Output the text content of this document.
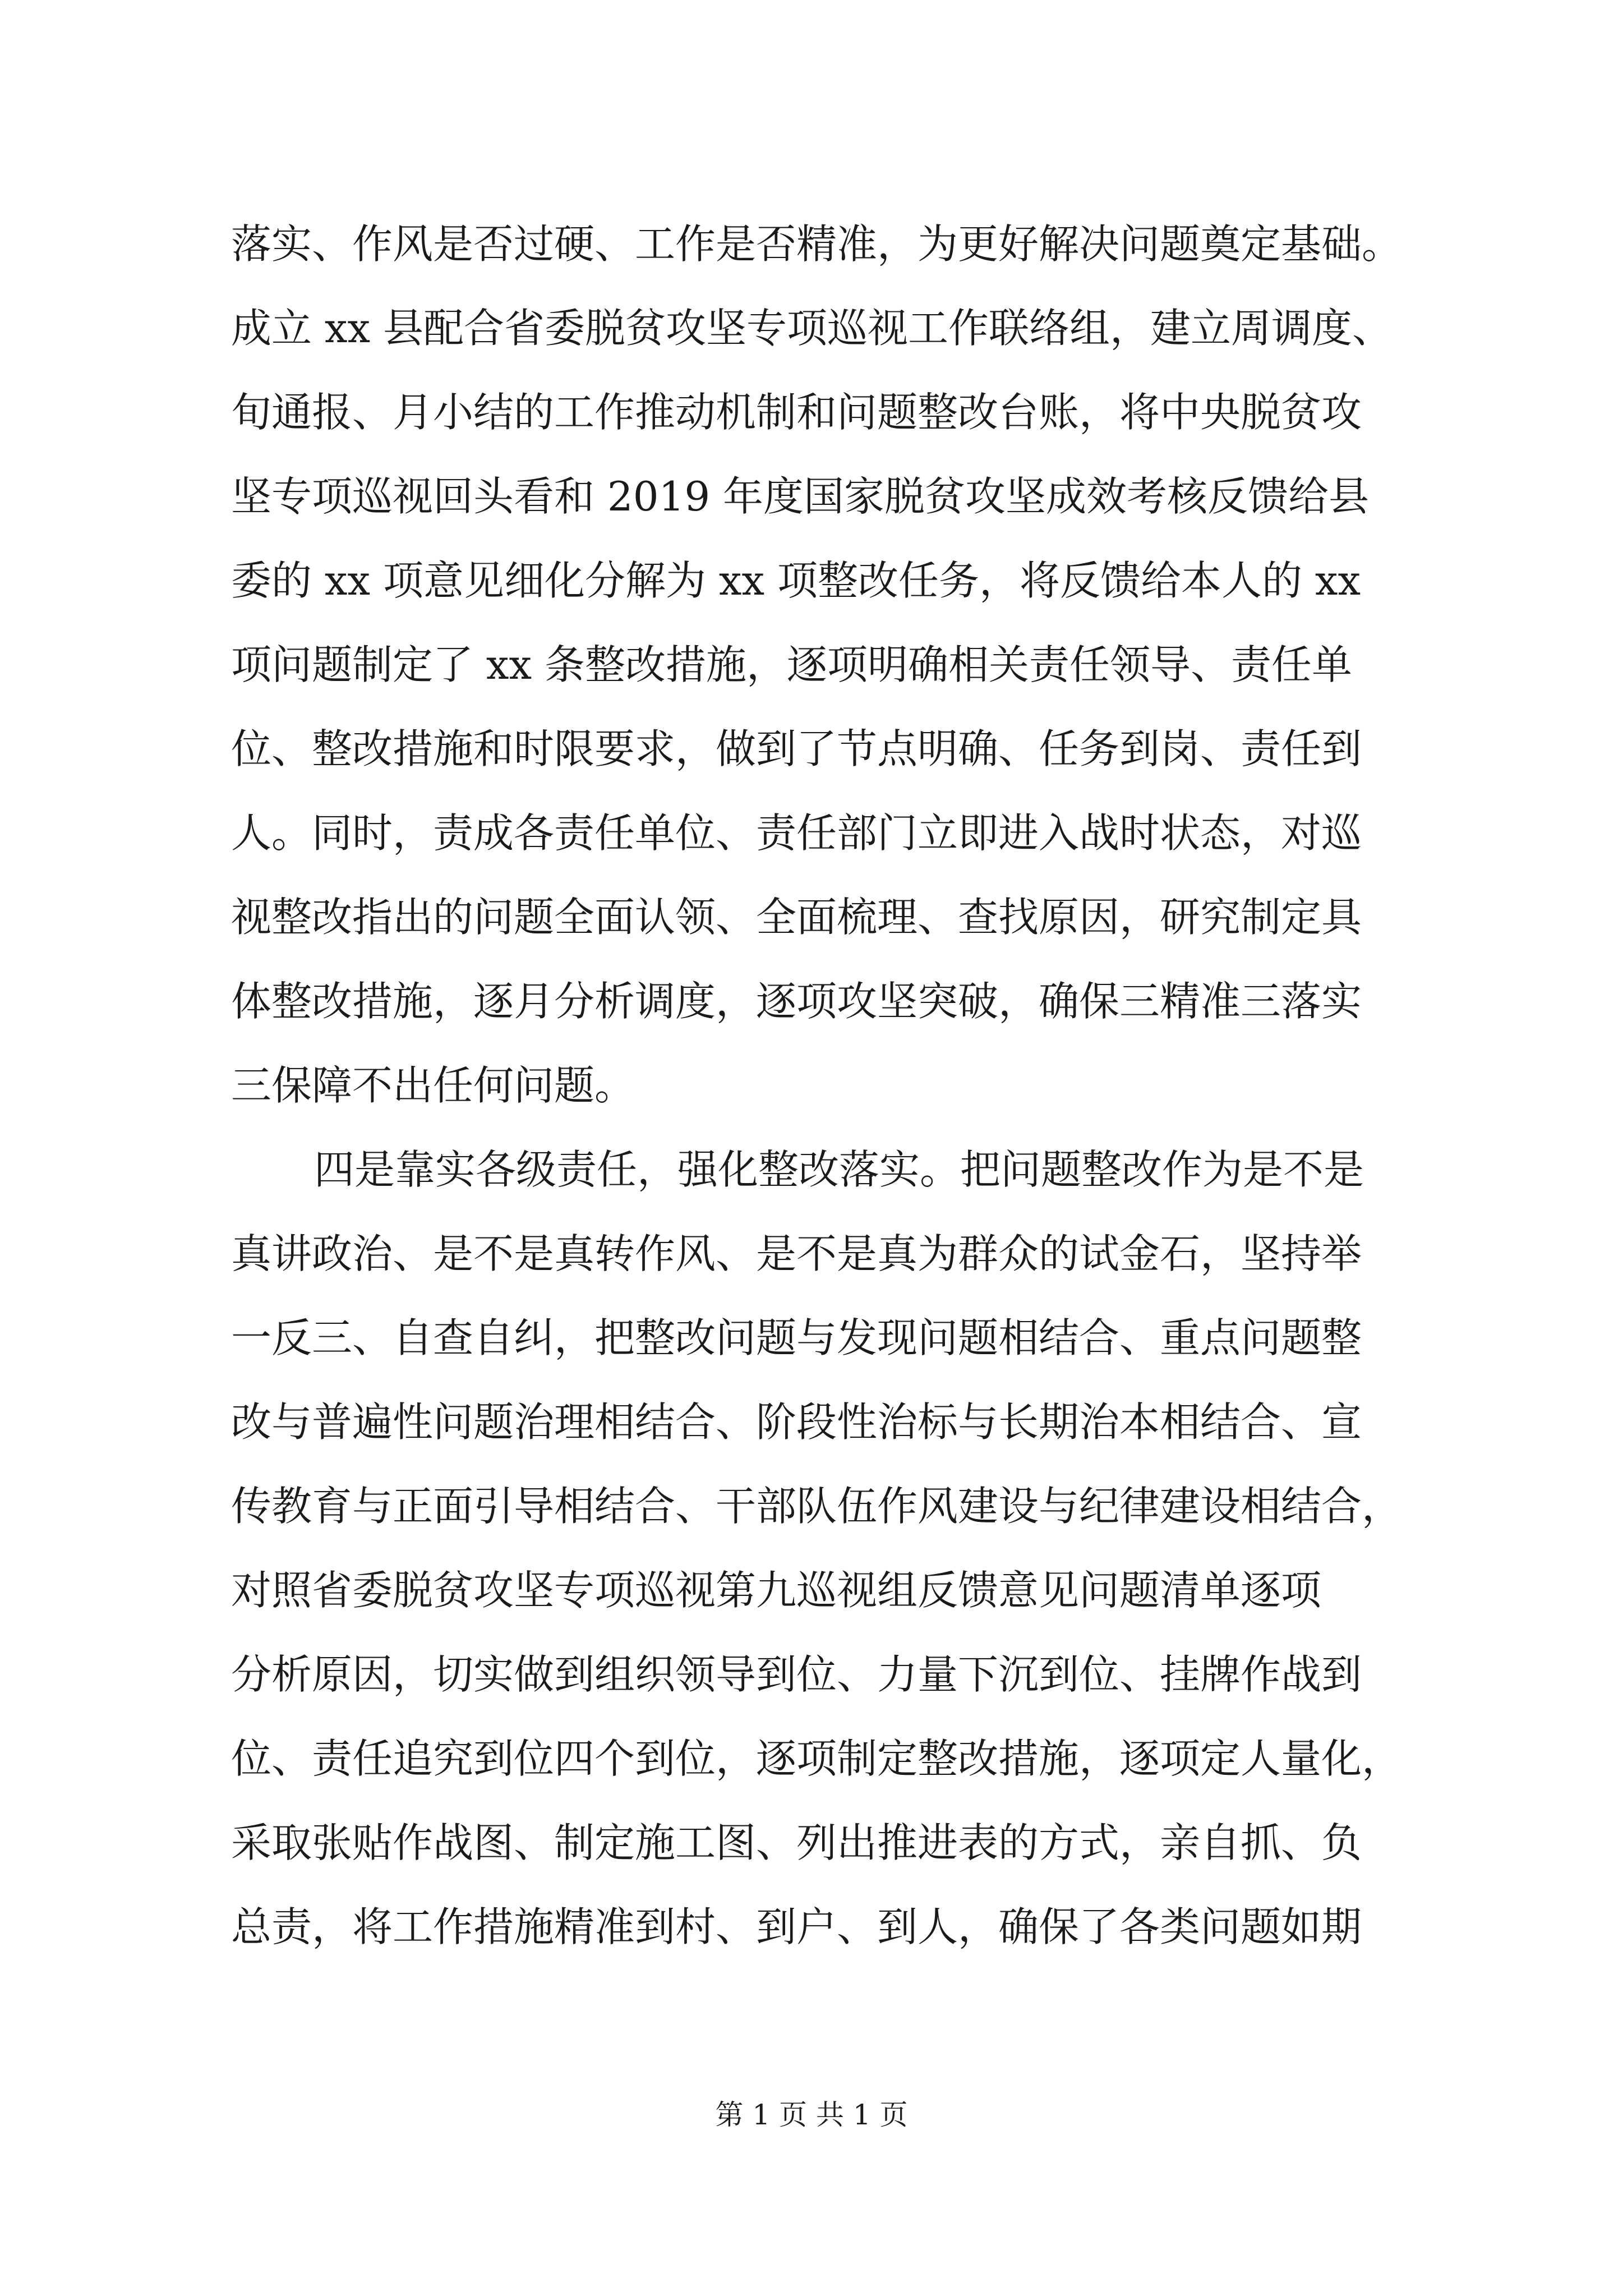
落实、作风是否过硬、工作是否精准，为更好解决问题奠定基础。
成立 xx 县配合省委脱贫攻坚专项巡视工作联络组，建立周调度、
旬通报、月小结的工作推动机制和问题整改台账，将中央脱贫攻
坚专项巡视回头看和 2019 年度国家脱贫攻坚成效考核反馈给县
委的 xx 项意见细化分解为 xx 项整改任务，将反馈给本人的 xx
项问题制定了 xx 条整改措施，逐项明确相关责任领导、责任单
位、整改措施和时限要求，做到了节点明确、任务到岗、责任到
人。同时，责成各责任单位、责任部门立即进入战时状态，对巡
视整改指出的问题全面认领、全面梳理、查找原因，研究制定具
体整改措施，逐月分析调度，逐项攻坚突破，确保三精准三落实
三保障不出任何问题。
四是靠实各级责任，强化整改落实。把问题整改作为是不是
真讲政治、是不是真转作风、是不是真为群众的试金石，坚持举
一反三、自查自纠，把整改问题与发现问题相结合、重点问题整
改与普遍性问题治理相结合、阶段性治标与长期治本相结合、宣
传教育与正面引导相结合、干部队伍作风建设与纪律建设相结合，
对照省委脱贫攻坚专项巡视第九巡视组反馈意见问题清单逐项
分析原因，切实做到组织领导到位、力量下沉到位、挂牌作战到
位、责任追究到位四个到位，逐项制定整改措施，逐项定人量化，
采取张贴作战图、制定施工图、列出推进表的方式，亲自抓、负
总责，将工作措施精准到村、到户、到人，确保了各类问题如期
第 1 页 共 1 页
